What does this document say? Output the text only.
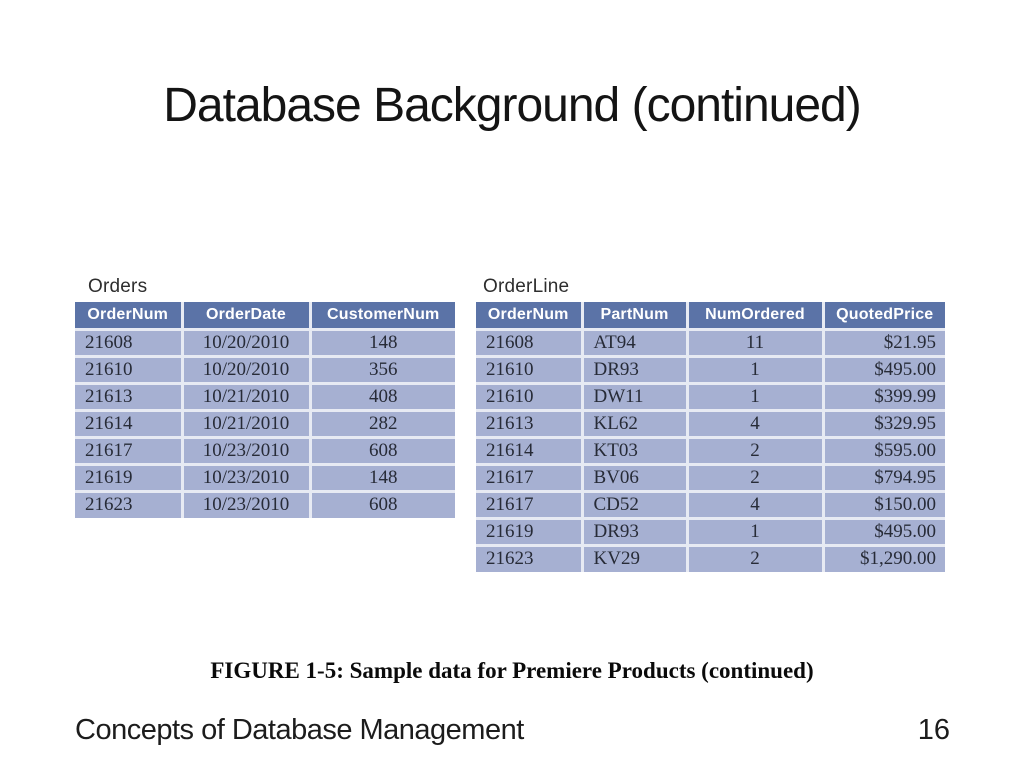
Database Background (continued)
Orders
OrderNum	OrderDate	CustomerNum
21608	10/20/2010	148
21610	10/20/2010	356
21613	10/21/2010	408
21614	10/21/2010	282
21617	10/23/2010	608
21619	10/23/2010	148
21623	10/23/2010	608
OrderLine
OrderNum	PartNum	NumOrdered	QuotedPrice
21608	AT94	11	$21.95
21610	DR93	1	$495.00
21610	DW11	1	$399.99
21613	KL62	4	$329.95
21614	KT03	2	$595.00
21617	BV06	2	$794.95
21617	CD52	4	$150.00
21619	DR93	1	$495.00
21623	KV29	2	$1,290.00
FIGURE 1-5: Sample data for Premiere Products (continued)
Concepts of Database Management	16
